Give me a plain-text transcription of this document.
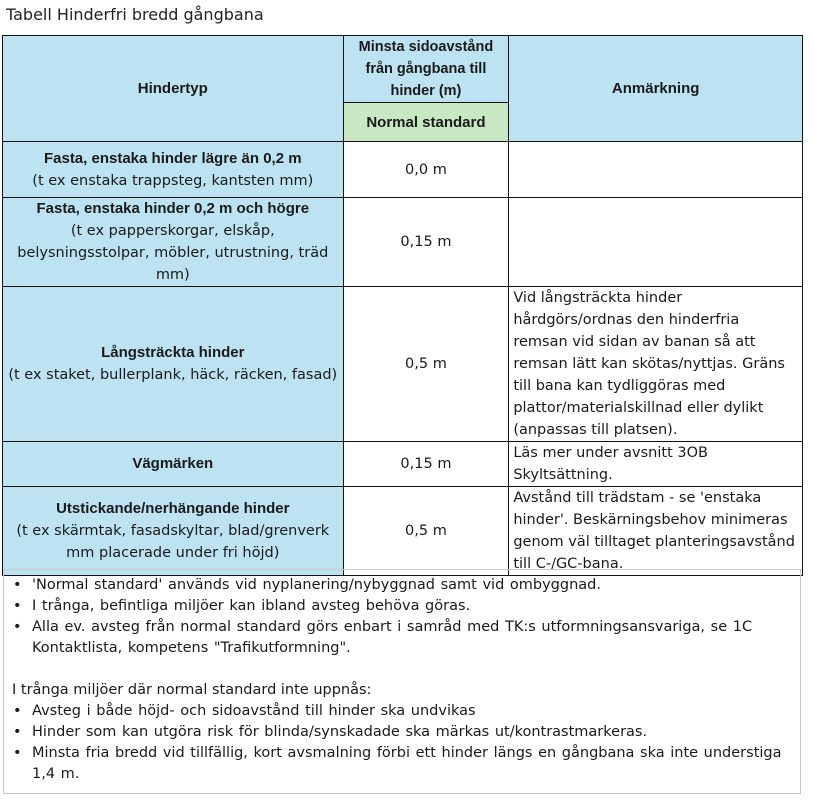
Tabell Hinderfri bredd gångbana
Hindertyp	Minsta sidoavstånd från gångbana till hinder (m)	Anmärkning
	Normal standard	

Fasta, enstaka hinder lägre än 0,2 m
(t ex enstaka trappsteg, kantsten mm)	0,0 m	

Fasta, enstaka hinder 0,2 m och högre
(t ex papperskorgar, elskåp, belysningsstolpar, möbler, utrustning, träd mm)	0,15 m	

Långsträckta hinder
(t ex staket, bullerplank, häck, räcken, fasad)	0,5 m	Vid långsträckta hinder hårdgörs/ordnas den hinderfria remsan vid sidan av banan så att remsan lätt kan skötas/nyttjas. Gräns till bana kan tydliggöras med plattor/materialskillnad eller dylikt (anpassas till platsen).

Vägmärken	0,15 m	Läs mer under avsnitt 3OB Skyltsättning.

Utstickande/nerhängande hinder
(t ex skärmtak, fasadskyltar, blad/grenverk mm placerade under fri höjd)	0,5 m	Avstånd till trädstam - se 'enstaka hinder'. Beskärningsbehov minimeras genom väl tilltaget planteringsavstånd till C-/GC-bana.
• 'Normal standard' används vid nyplanering/nybyggnad samt vid ombyggnad.
• I trånga, befintliga miljöer kan ibland avsteg behöva göras.
• Alla ev. avsteg från normal standard görs enbart i samråd med TK:s utformningsansvariga, se 1C Kontaktlista, kompetens "Trafikutformning".

I trånga miljöer där normal standard inte uppnås:

• Avsteg i både höjd- och sidoavstånd till hinder ska undvikas
• Hinder som kan utgöra risk för blinda/synskadade ska märkas ut/kontrastmarkeras.
• Minsta fria bredd vid tillfällig, kort avsmalning förbi ett hinder längs en gångbana ska inte understiga 1,4 m.
